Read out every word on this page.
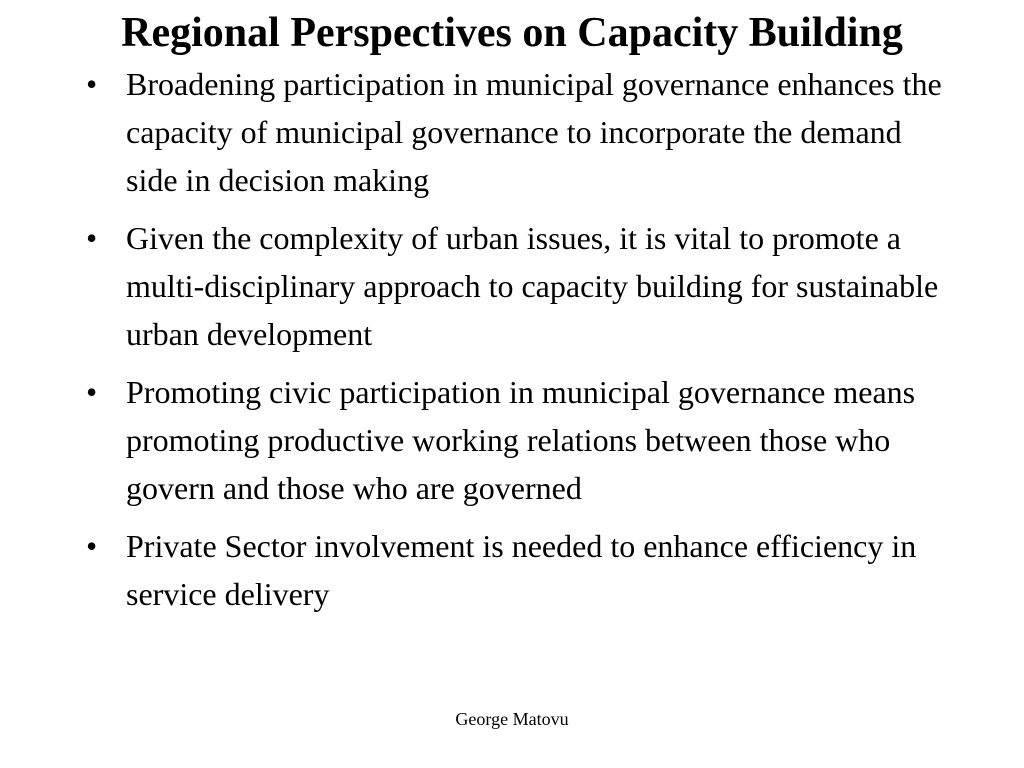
Regional Perspectives on Capacity Building
• Broadening participation in municipal governance enhances the capacity of municipal governance to incorporate the demand side in decision making
• Given the complexity of urban issues, it is vital to promote a multi-disciplinary approach to capacity building for sustainable urban development
• Promoting civic participation in municipal governance means promoting productive working relations between those who govern and those who are governed
• Private Sector involvement is needed to enhance efficiency in service delivery
George Matovu
